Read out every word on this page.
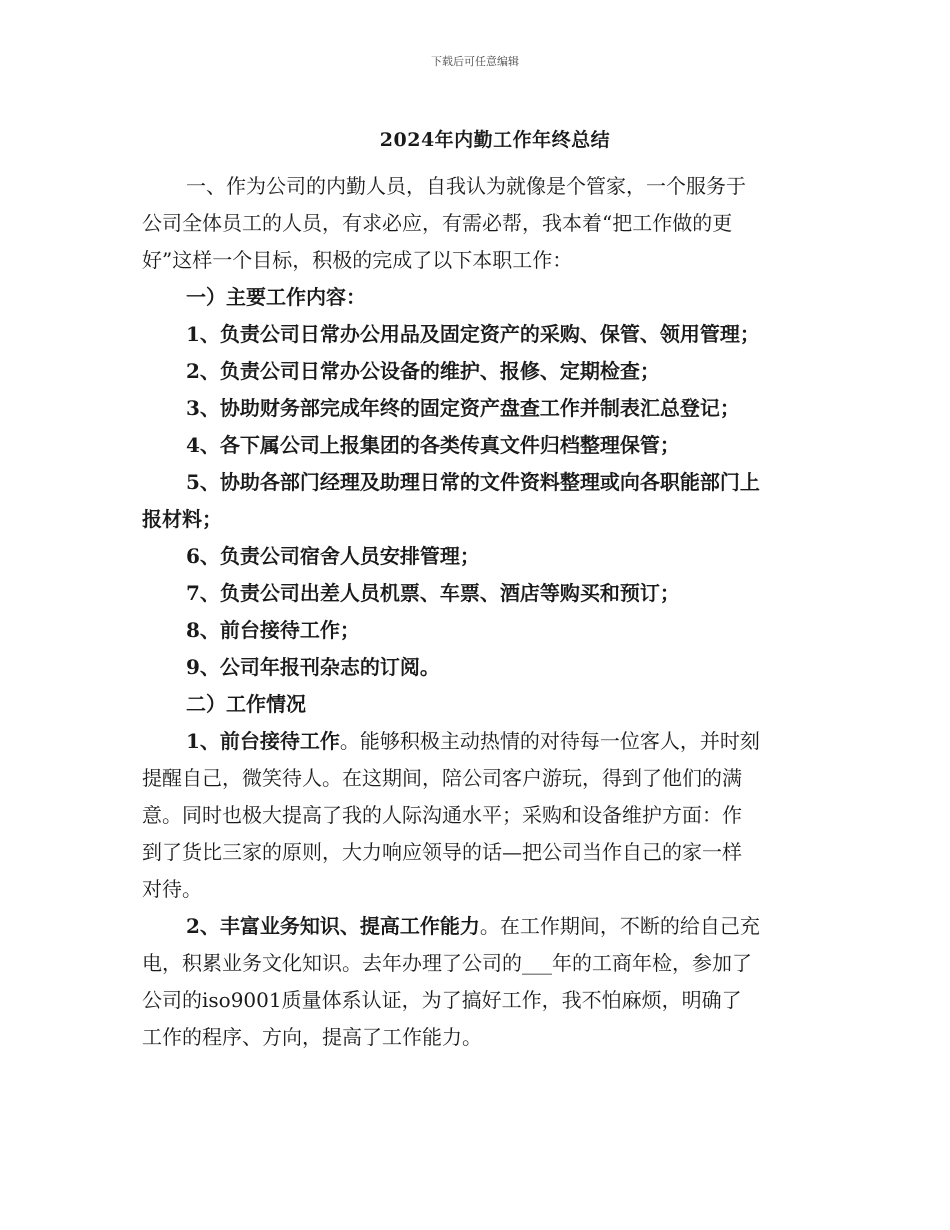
下载后可任意编辑
2024年内勤工作年终总结
一、作为公司的内勤人员，自我认为就像是个管家，一个服务于
公司全体员工的人员，有求必应，有需必帮，我本着“把工作做的更
好”这样一个目标，积极的完成了以下本职工作：
一）主要工作内容：
1、负责公司日常办公用品及固定资产的采购、保管、领用管理；
2、负责公司日常办公设备的维护、报修、定期检查；
3、协助财务部完成年终的固定资产盘查工作并制表汇总登记；
4、各下属公司上报集团的各类传真文件归档整理保管；
5、协助各部门经理及助理日常的文件资料整理或向各职能部门上
报材料；
6、负责公司宿舍人员安排管理；
7、负责公司出差人员机票、车票、酒店等购买和预订；
8、前台接待工作；
9、公司年报刊杂志的订阅。
二）工作情况
1、前台接待工作。能够积极主动热情的对待每一位客人，并时刻
提醒自己，微笑待人。在这期间，陪公司客户游玩，得到了他们的满
意。同时也极大提高了我的人际沟通水平；采购和设备维护方面：作
到了货比三家的原则，大力响应领导的话—把公司当作自己的家一样
对待。
2、丰富业务知识、提高工作能力。在工作期间，不断的给自己充
电，积累业务文化知识。去年办理了公司的___年的工商年检，参加了
公司的iso9001质量体系认证，为了搞好工作，我不怕麻烦，明确了
工作的程序、方向，提高了工作能力。
